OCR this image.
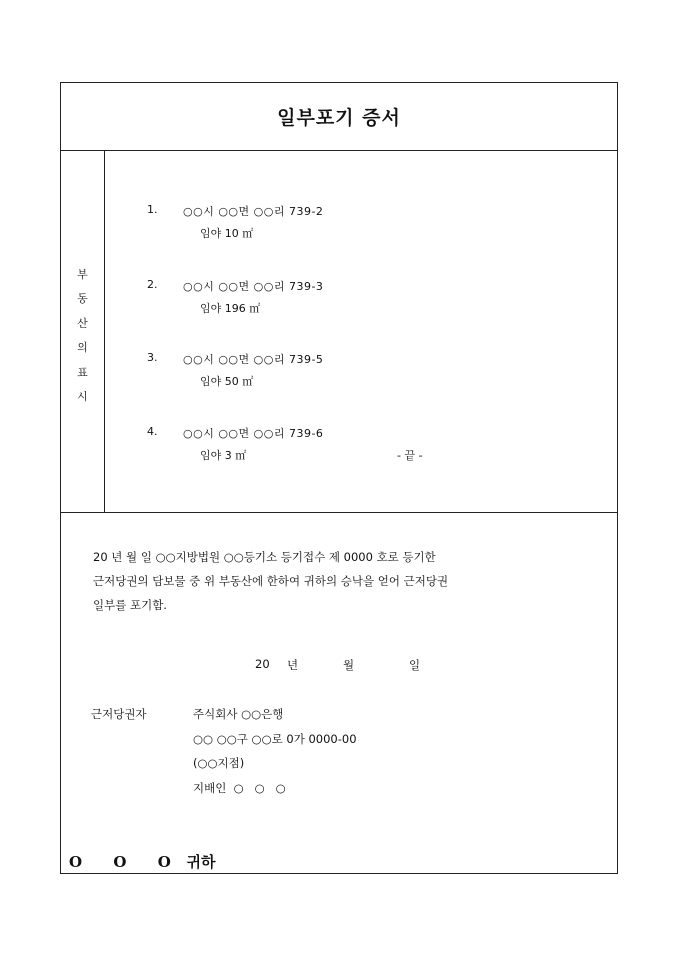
일부포기 증서
부
동
산
의
표
시
1. ○○시 ○○면 ○○리 739-2
임야 10 ㎡
2. ○○시 ○○면 ○○리 739-3
임야 196 ㎡
3. ○○시 ○○면 ○○리 739-5
임야 50 ㎡
4. ○○시 ○○면 ○○리 739-6
임야 3 ㎡	- 끝 -
20 년 월 일 ○○지방법원 ○○등기소 등기접수 제 0000 호로 등기한
근저당권의 담보물 중 위 부동산에 한하여 귀하의 승낙을 얻어 근저당권
일부를 포기함.
20 년	월	일
근저당권자	주식회사 ○○은행
○○ ○○구 ○○로 0가 0000-00
(○○지점)
지배인  ○   ○   ○
O      O      O   귀하
